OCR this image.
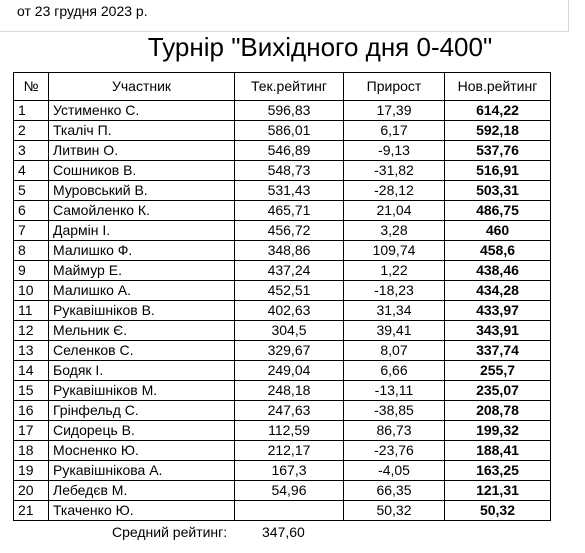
от 23 грудня 2023 р.
Турнір "Вихідного дня 0-400"
№	Участник	Тек.рейтинг	Прирост	Нов.рейтинг
1	Устименко С.	596,83	17,39	614,22
2	Ткаліч П.	586,01	6,17	592,18
3	Литвин О.	546,89	-9,13	537,76
4	Сошников В.	548,73	-31,82	516,91
5	Муровський В.	531,43	-28,12	503,31
6	Самойленко К.	465,71	21,04	486,75
7	Дармін І.	456,72	3,28	460
8	Малишко Ф.	348,86	109,74	458,6
9	Маймур Е.	437,24	1,22	438,46
10	Малишко А.	452,51	-18,23	434,28
11	Рукавішніков В.	402,63	31,34	433,97
12	Мельник Є.	304,5	39,41	343,91
13	Селенков С.	329,67	8,07	337,74
14	Бодяк І.	249,04	6,66	255,7
15	Рукавішніков М.	248,18	-13,11	235,07
16	Грінфельд С.	247,63	-38,85	208,78
17	Сидорець В.	112,59	86,73	199,32
18	Мосненко Ю.	212,17	-23,76	188,41
19	Рукавішнікова А.	167,3	-4,05	163,25
20	Лебедєв М.	54,96	66,35	121,31
21	Ткаченко Ю.		50,32	50,32
Средний рейтинг: 347,60
